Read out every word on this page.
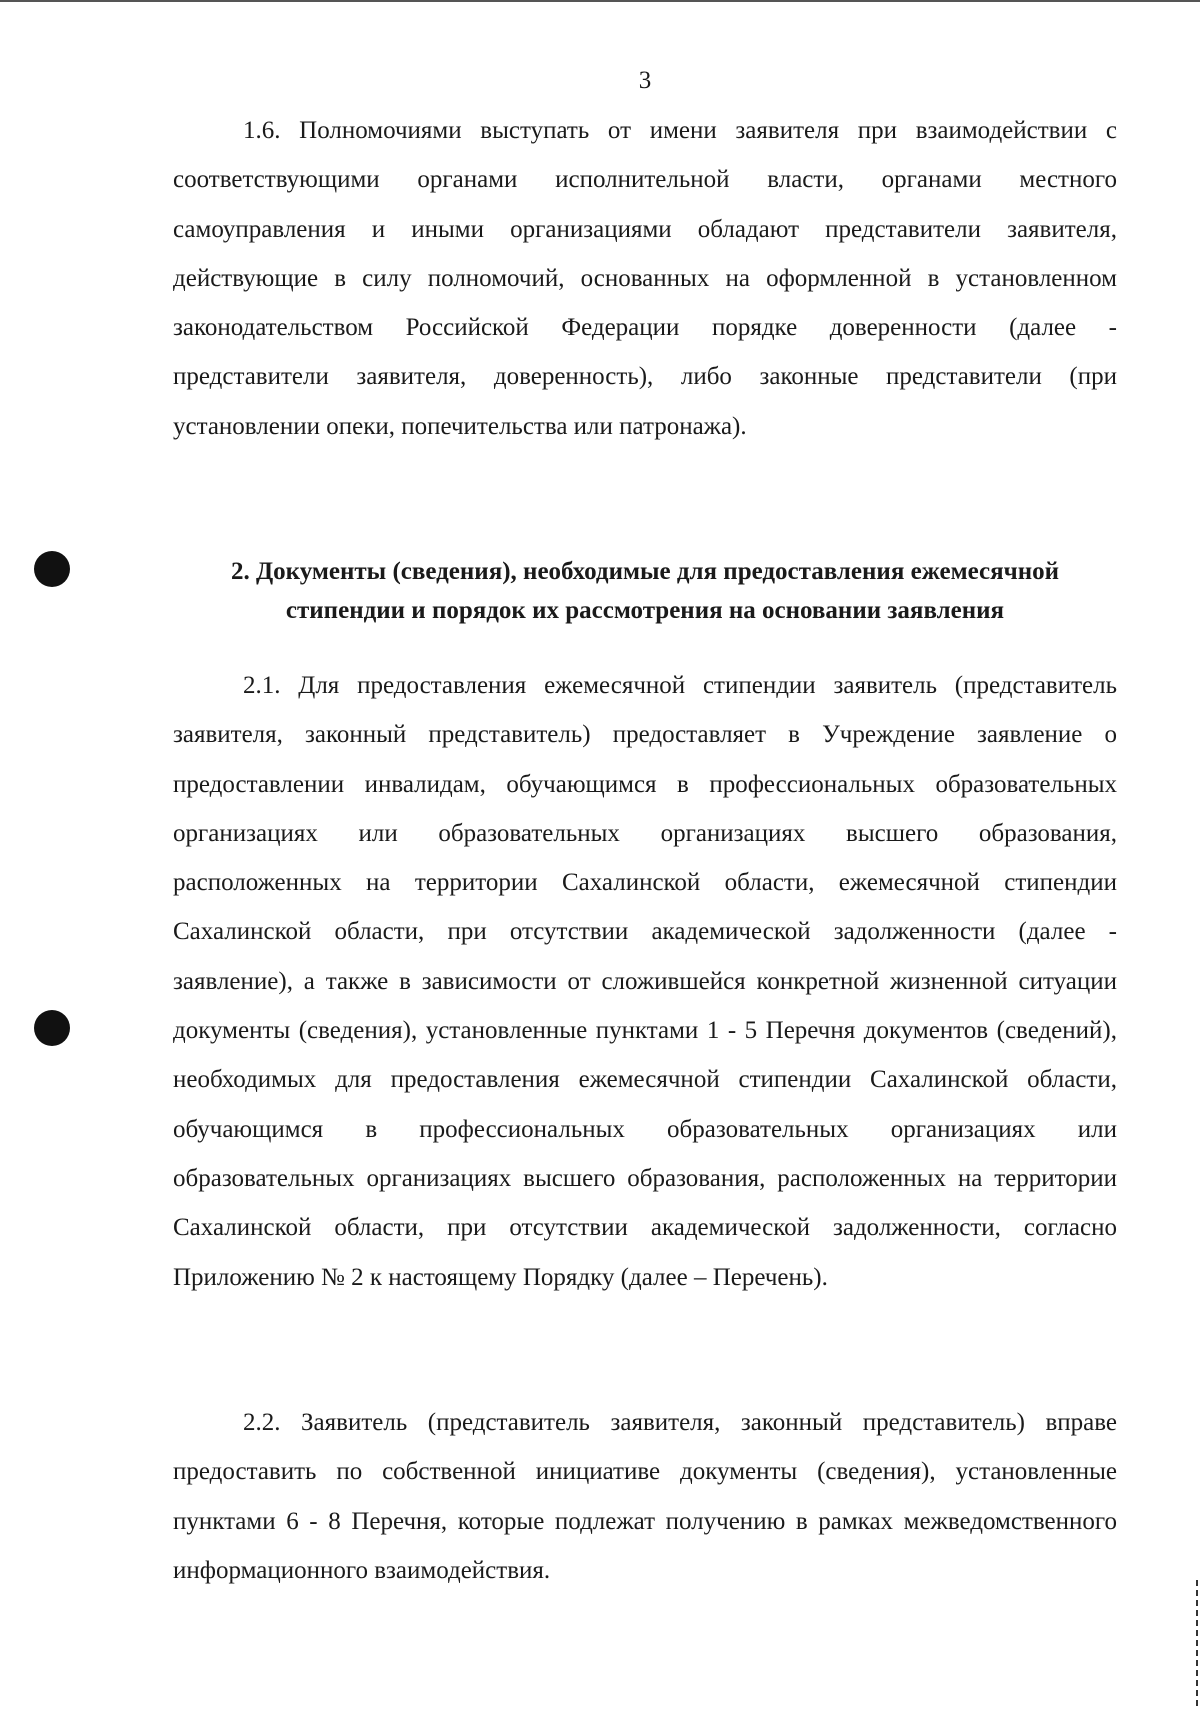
3

1.6. Полномочиями выступать от имени заявителя при взаимодействии с соответствующими органами исполнительной власти, органами местного самоуправления и иными организациями обладают представители заявителя, действующие в силу полномочий, основанных на оформленной в установленном законодательством Российской Федерации порядке доверенности (далее - представители заявителя, доверенность), либо законные представители (при установлении опеки, попечительства или патронажа).

2. Документы (сведения), необходимые для предоставления ежемесячной
стипендии и порядок их рассмотрения на основании заявления

2.1. Для предоставления ежемесячной стипендии заявитель (представитель заявителя, законный представитель) предоставляет в Учреждение заявление о предоставлении инвалидам, обучающимся в профессиональных образовательных организациях или образовательных организациях высшего образования, расположенных на территории Сахалинской области, ежемесячной стипендии Сахалинской области, при отсутствии академической задолженности (далее - заявление), а также в зависимости от сложившейся конкретной жизненной ситуации документы (сведения), установленные пунктами 1 - 5 Перечня документов (сведений), необходимых для предоставления ежемесячной стипендии Сахалинской области, обучающимся в профессиональных образовательных организациях или образовательных организациях высшего образования, расположенных на территории Сахалинской области, при отсутствии академической задолженности, согласно Приложению № 2 к настоящему Порядку (далее – Перечень).

2.2. Заявитель (представитель заявителя, законный представитель) вправе предоставить по собственной инициативе документы (сведения), установленные пунктами 6 - 8 Перечня, которые подлежат получению в рамках межведомственного информационного взаимодействия.
